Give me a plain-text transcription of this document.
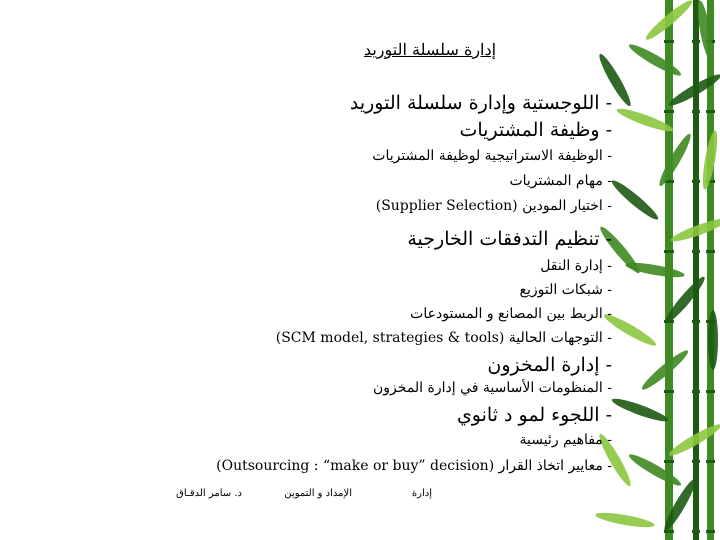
إدارة سلسلة التوريد
- اللوجستية وإدارة سلسلة التوريد
- وظيفة المشتريات
- الوظيفة الاستراتيجية لوظيفة المشتريات
- مهام المشتريات
- اختيار المودين (Supplier Selection)
- تنظيم التدفقات الخارجية
- إدارة النقل
- شبكات التوزيع
- الربط بين المصانع و المستودعات
- التوجهات الحالية (SCM model, strategies & tools)
- إدارة المخزون
- المنظومات الأساسية في إدارة المخزون
- اللجوء لمو د ثانوي
- مفاهيم رئيسية
- معايير اتخاذ القرار (Outsourcing : “make or buy” decision)
إدارة
الإمداد و التموين
د. سامر الدقـاق
